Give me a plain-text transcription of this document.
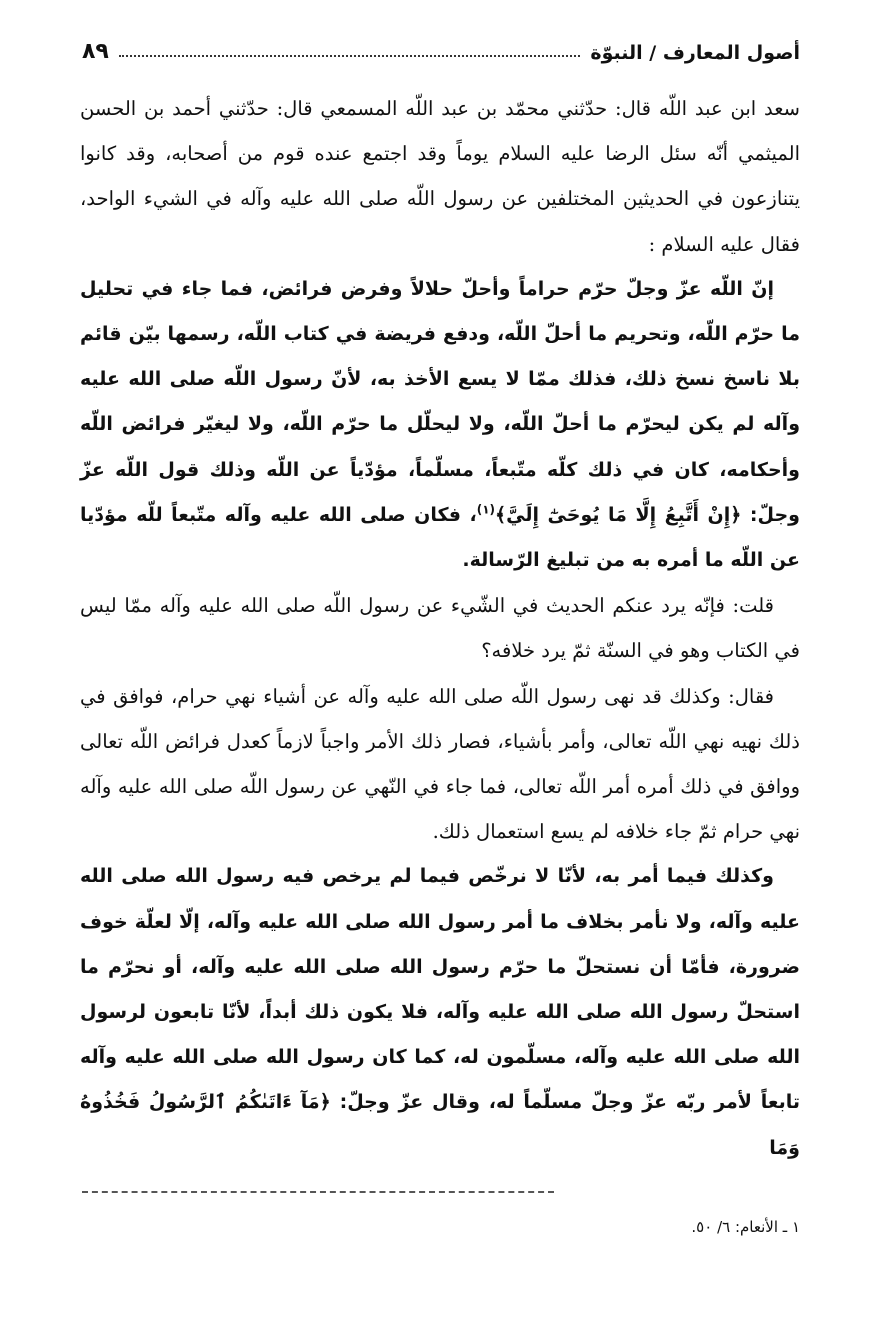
أصول المعارف / النبوّة
٨٩

سعد ابن عبد اللّه قال: حدّثني محمّد بن عبد اللّه المسمعي قال: حدّثني أحمد بن الحسن الميثمي أنّه سئل الرضا عليه السلام يوماً وقد اجتمع عنده قوم من أصحابه، وقد كانوا يتنازعون في الحديثين المختلفين عن رسول اللّه صلى الله عليه وآله في الشيء الواحد، فقال عليه السلام :

إنّ اللّه عزّ وجلّ حرّم حراماً وأحلّ حلالاً وفرض فرائض، فما جاء في تحليل ما حرّم اللّه، وتحريم ما أحلّ اللّه، ودفع فريضة في كتاب اللّه، رسمها بيّن قائم بلا ناسخ نسخ ذلك، فذلك ممّا لا يسع الأخذ به، لأنّ رسول اللّه صلى الله عليه وآله لم يكن ليحرّم ما أحلّ اللّه، ولا ليحلّل ما حرّم اللّه، ولا ليغيّر فرائض اللّه وأحكامه، كان في ذلك كلّه متّبعاً، مسلّماً، مؤدّياً عن اللّه وذلك قول اللّه عزّ وجلّ: ﴿إِنْ أَتَّبِعُ إِلَّا مَا يُوحَىٰٓ إِلَيَّ﴾$^{(١)}$، فكان صلى الله عليه وآله متّبعاً للّه مؤدّيا عن اللّه ما أمره به من تبليغ الرّسالة.

قلت: فإنّه يرد عنكم الحديث في الشّيء عن رسول اللّه صلى الله عليه وآله ممّا ليس في الكتاب وهو في السنّة ثمّ يرد خلافه؟

فقال: وكذلك قد نهى رسول اللّه صلى الله عليه وآله عن أشياء نهي حرام، فوافق في ذلك نهيه نهي اللّه تعالى، وأمر بأشياء، فصار ذلك الأمر واجباً لازماً كعدل فرائض اللّه تعالى ووافق في ذلك أمره أمر اللّه تعالى، فما جاء في النّهي عن رسول اللّه صلى الله عليه وآله نهي حرام ثمّ جاء خلافه لم يسع استعمال ذلك.

وكذلك فيما أمر به، لأنّا لا نرخّص فيما لم يرخص فيه رسول الله صلى الله عليه وآله، ولا نأمر بخلاف ما أمر رسول الله صلى الله عليه وآله، إلّا لعلّة خوف ضرورة، فأمّا أن نستحلّ ما حرّم رسول الله صلى الله عليه وآله، أو نحرّم ما استحلّ رسول الله صلى الله عليه وآله، فلا يكون ذلك أبداً، لأنّا تابعون لرسول الله صلى الله عليه وآله، مسلّمون له، كما كان رسول الله صلى الله عليه وآله تابعاً لأمر ربّه عزّ وجلّ مسلّماً له، وقال عزّ وجلّ: ﴿مَآ ءَاتَىٰكُمُ ٱلرَّسُولُ فَخُذُوهُ وَمَا

١ ـ الأنعام: ٦/ ٥٠.
